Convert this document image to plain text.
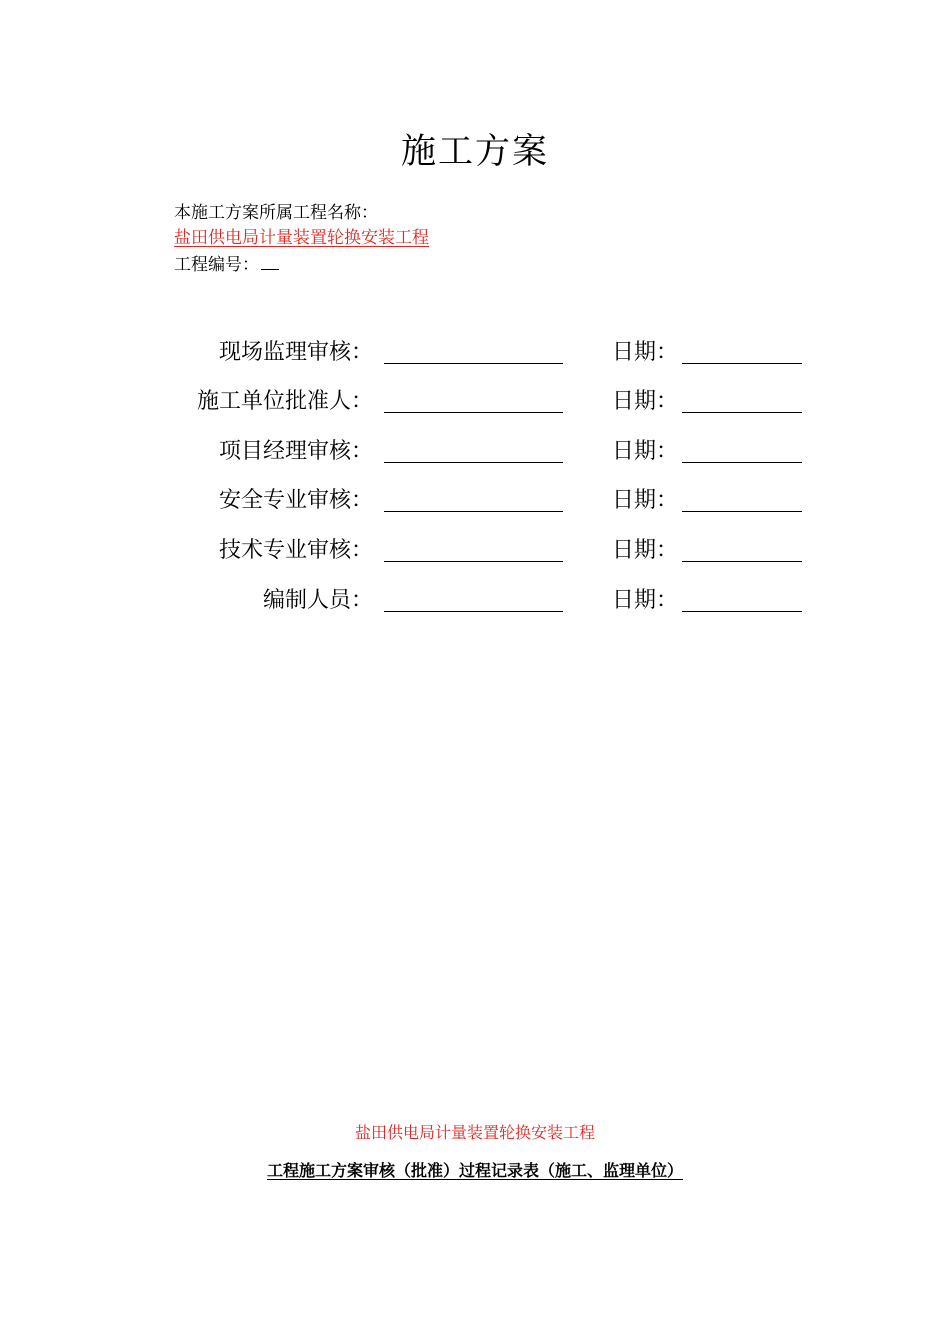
施工方案
本施工方案所属工程名称：
盐田供电局计量装置轮换安装工程
工程编号：
现场监理审核：	日期：
施工单位批准人：	日期：
项目经理审核：	日期：
安全专业审核：	日期：
技术专业审核：	日期：
编制人员：	日期：
盐田供电局计量装置轮换安装工程
工程施工方案审核（批准）过程记录表（施工、监理单位）
